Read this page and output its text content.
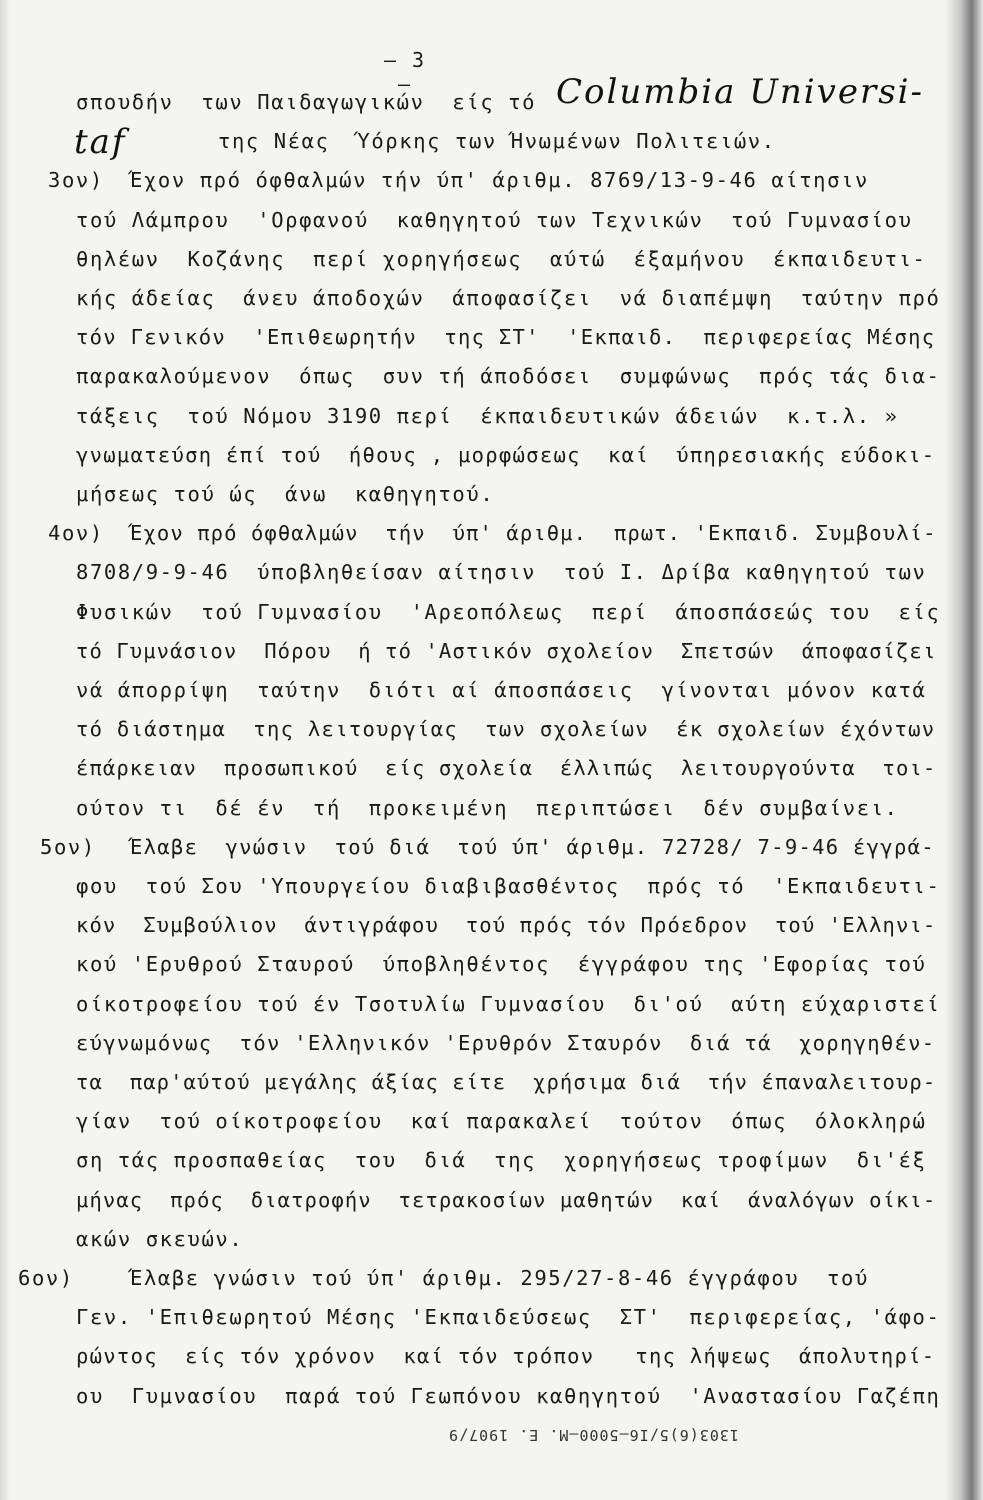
— 3 —	Columbia Universi-
taf
σπουδήν  των Παιδαγωγικών  είς τό
της Νέας  Ύόρκης των Ήνωμένων Πολιτειών.
3ον) Έχον πρό όφθαλμών τήν ύπ' άριθμ. 8769/13-9-46 αίτησιν
τού Λάμπρου  'Ορφανού  καθηγητού των Τεχνικών  τού Γυμνασίου
θηλέων  Κοζάνης  περί χορηγήσεως  αύτώ  έξαμήνου  έκπαιδευτι-
κής άδείας  άνευ άποδοχών  άποφασίζει  νά διαπέμψη  ταύτην πρό
τόν Γενικόν  'Επιθεωρητήν  της ΣΤ'  'Εκπαιδ.  περιφερείας Μέσης
παρακαλούμενον  όπως  συν τή άποδόσει  συμφώνως  πρός τάς δια-
τάξεις  τού Νόμου 3190 περί  έκπαιδευτικών άδειών  κ.τ.λ. »
γνωματεύση έπί τού  ήθους , μορφώσεως  καί  ύπηρεσιακής εύδοκι-
μήσεως τού ώς  άνω  καθηγητού.
4ον) Έχον πρό όφθαλμών  τήν  ύπ' άριθμ.  πρωτ. 'Εκπαιδ. Συμβουλί-
8708/9-9-46  ύποβληθείσαν αίτησιν  τού Ι. Δρίβα καθηγητού των
Φυσικών  τού Γυμνασίου  'Αρεοπόλεως  περί  άποσπάσεώς του  είς
τό Γυμνάσιον  Πόρου  ή τό 'Αστικόν σχολείον  Σπετσών  άποφασίζει
νά άπορρίψη  ταύτην  διότι αί άποσπάσεις  γίνονται μόνον κατά
τό διάστημα  της λειτουργίας  των σχολείων  έκ σχολείων έχόντων
έπάρκειαν  προσωπικού  είς σχολεία  έλλιπώς  λειτουργούντα  τοι-
ούτον τι  δέ έν  τή  προκειμένη  περιπτώσει  δέν συμβαίνει.
5ον) Έλαβε  γνώσιν  τού διά  τού ύπ' άριθμ. 72728/ 7-9-46 έγγρά-
φου  τού Σου 'Υπουργείου διαβιβασθέντος  πρός τό  'Εκπαιδευτι-
κόν  Συμβούλιον  άντιγράφου  τού πρός τόν Πρόεδρον  τού 'Ελληνι-
κού 'Ερυθρού Σταυρού  ύποβληθέντος  έγγράφου της 'Εφορίας τού
οίκοτροφείου τού έν Τσοτυλίω Γυμνασίου  δι'ού  αύτη εύχαριστεί
εύγνωμόνως  τόν 'Ελληνικόν 'Ερυθρόν Σταυρόν  διά τά  χορηγηθέν-
τα  παρ'αύτού μεγάλης άξίας είτε  χρήσιμα διά  τήν έπαναλειτουρ-
γίαν  τού οίκοτροφείου  καί παρακαλεί  τούτον  όπως  όλοκληρώ
ση τάς προσπαθείας  του  διά  της  χορηγήσεως τροφίμων  δι'έξ
μήνας  πρός  διατροφήν  τετρακοσίων μαθητών  καί  άναλόγων οίκι-
ακών σκευών.
6ον)	Έλαβε γνώσιν τού ύπ' άριθμ. 295/27-8-46 έγγράφου  τού
Γεν. 'Επιθεωρητού Μέσης 'Εκπαιδεύσεως  ΣΤ'  περιφερείας, 'άφο-
ρώντος  είς τόν χρόνον  καί τόν τρόπον   της λήψεως  άπολυτηρί-
ου  Γυμνασίου  παρά τού Γεωπόνου καθηγητού  'Αναστασίου Γαζέπη
1303(6)5/Ι6—5000—Μ. Ε. 1907/9
